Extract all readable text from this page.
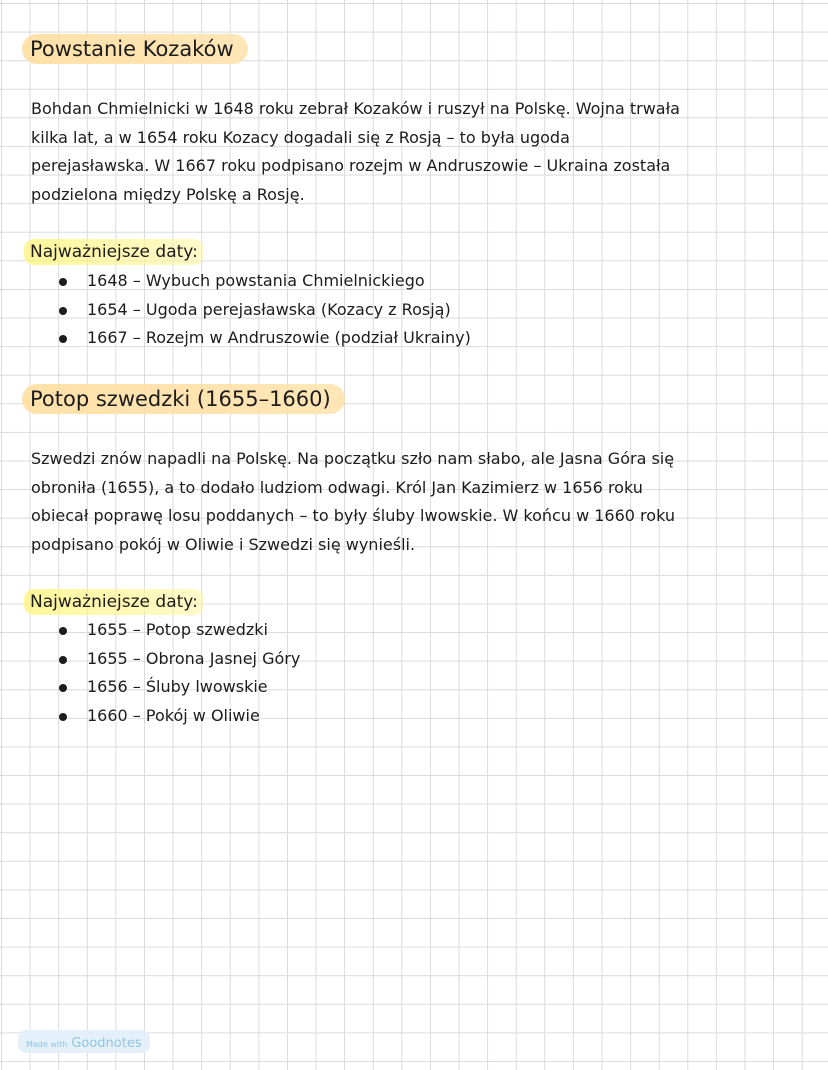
Powstanie Kozaków
Bohdan Chmielnicki w 1648 roku zebrał Kozaków i ruszył na Polskę. Wojna trwała
kilka lat, a w 1654 roku Kozacy dogadali się z Rosją – to była ugoda
perejasławska. W 1667 roku podpisano rozejm w Andruszowie – Ukraina została
podzielona między Polskę a Rosję.
Najważniejsze daty:
1648 – Wybuch powstania Chmielnickiego
1654 – Ugoda perejasławska (Kozacy z Rosją)
1667 – Rozejm w Andruszowie (podział Ukrainy)
Potop szwedzki (1655–1660)
Szwedzi znów napadli na Polskę. Na początku szło nam słabo, ale Jasna Góra się
obroniła (1655), a to dodało ludziom odwagi. Król Jan Kazimierz w 1656 roku
obiecał poprawę losu poddanych – to były śluby lwowskie. W końcu w 1660 roku
podpisano pokój w Oliwie i Szwedzi się wynieśli.
Najważniejsze daty:
1655 – Potop szwedzki
1655 – Obrona Jasnej Góry
1656 – Śluby lwowskie
1660 – Pokój w Oliwie
Made with Goodnotes
